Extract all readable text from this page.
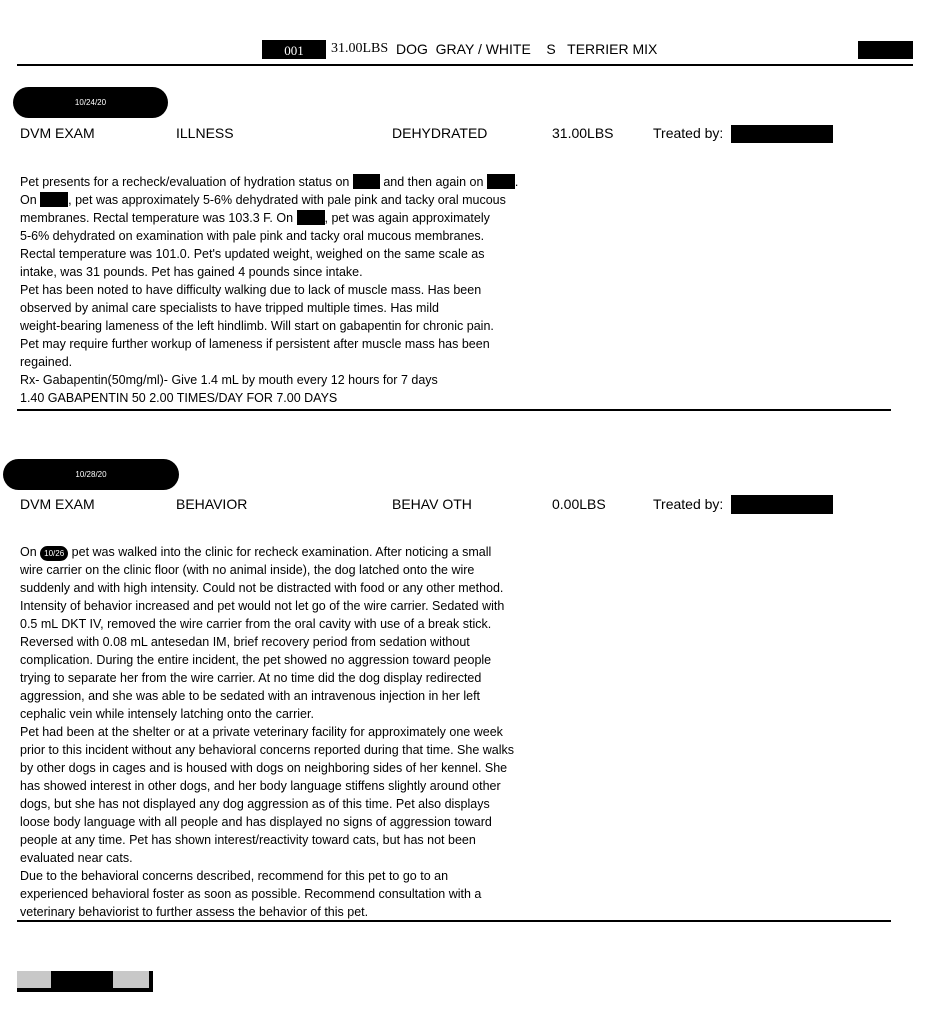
001	31.00LBS DOG  GRAY / WHITE    S   TERRIER MIX
10/24/20
DVM EXAM	ILLNESS	DEHYDRATED	31.00LBS	Treated by:
Pet presents for a recheck/evaluation of hydration status on  and then again on .
On , pet was approximately 5-6% dehydrated with pale pink and tacky oral mucous
membranes. Rectal temperature was 103.3 F. On , pet was again approximately
5-6% dehydrated on examination with pale pink and tacky oral mucous membranes.
Rectal temperature was 101.0. Pet's updated weight, weighed on the same scale as
intake, was 31 pounds. Pet has gained 4 pounds since intake.
Pet has been noted to have difficulty walking due to lack of muscle mass. Has been
observed by animal care specialists to have tripped multiple times. Has mild
weight-bearing lameness of the left hindlimb. Will start on gabapentin for chronic pain.
Pet may require further workup of lameness if persistent after muscle mass has been
regained.
Rx- Gabapentin(50mg/ml)- Give 1.4 mL by mouth every 12 hours for 7 days
1.40 GABAPENTIN 50 2.00 TIMES/DAY FOR 7.00 DAYS
10/28/20
DVM EXAM	BEHAVIOR	BEHAV OTH	0.00LBS	Treated by:
On 10/26 pet was walked into the clinic for recheck examination. After noticing a small
wire carrier on the clinic floor (with no animal inside), the dog latched onto the wire
suddenly and with high intensity. Could not be distracted with food or any other method.
Intensity of behavior increased and pet would not let go of the wire carrier. Sedated with
0.5 mL DKT IV, removed the wire carrier from the oral cavity with use of a break stick.
Reversed with 0.08 mL antesedan IM, brief recovery period from sedation without
complication. During the entire incident, the pet showed no aggression toward people
trying to separate her from the wire carrier. At no time did the dog display redirected
aggression, and she was able to be sedated with an intravenous injection in her left
cephalic vein while intensely latching onto the carrier.
Pet had been at the shelter or at a private veterinary facility for approximately one week
prior to this incident without any behavioral concerns reported during that time. She walks
by other dogs in cages and is housed with dogs on neighboring sides of her kennel. She
has showed interest in other dogs, and her body language stiffens slightly around other
dogs, but she has not displayed any dog aggression as of this time. Pet also displays
loose body language with all people and has displayed no signs of aggression toward
people at any time. Pet has shown interest/reactivity toward cats, but has not been
evaluated near cats.
Due to the behavioral concerns described, recommend for this pet to go to an
experienced behavioral foster as soon as possible. Recommend consultation with a
veterinary behaviorist to further assess the behavior of this pet.
